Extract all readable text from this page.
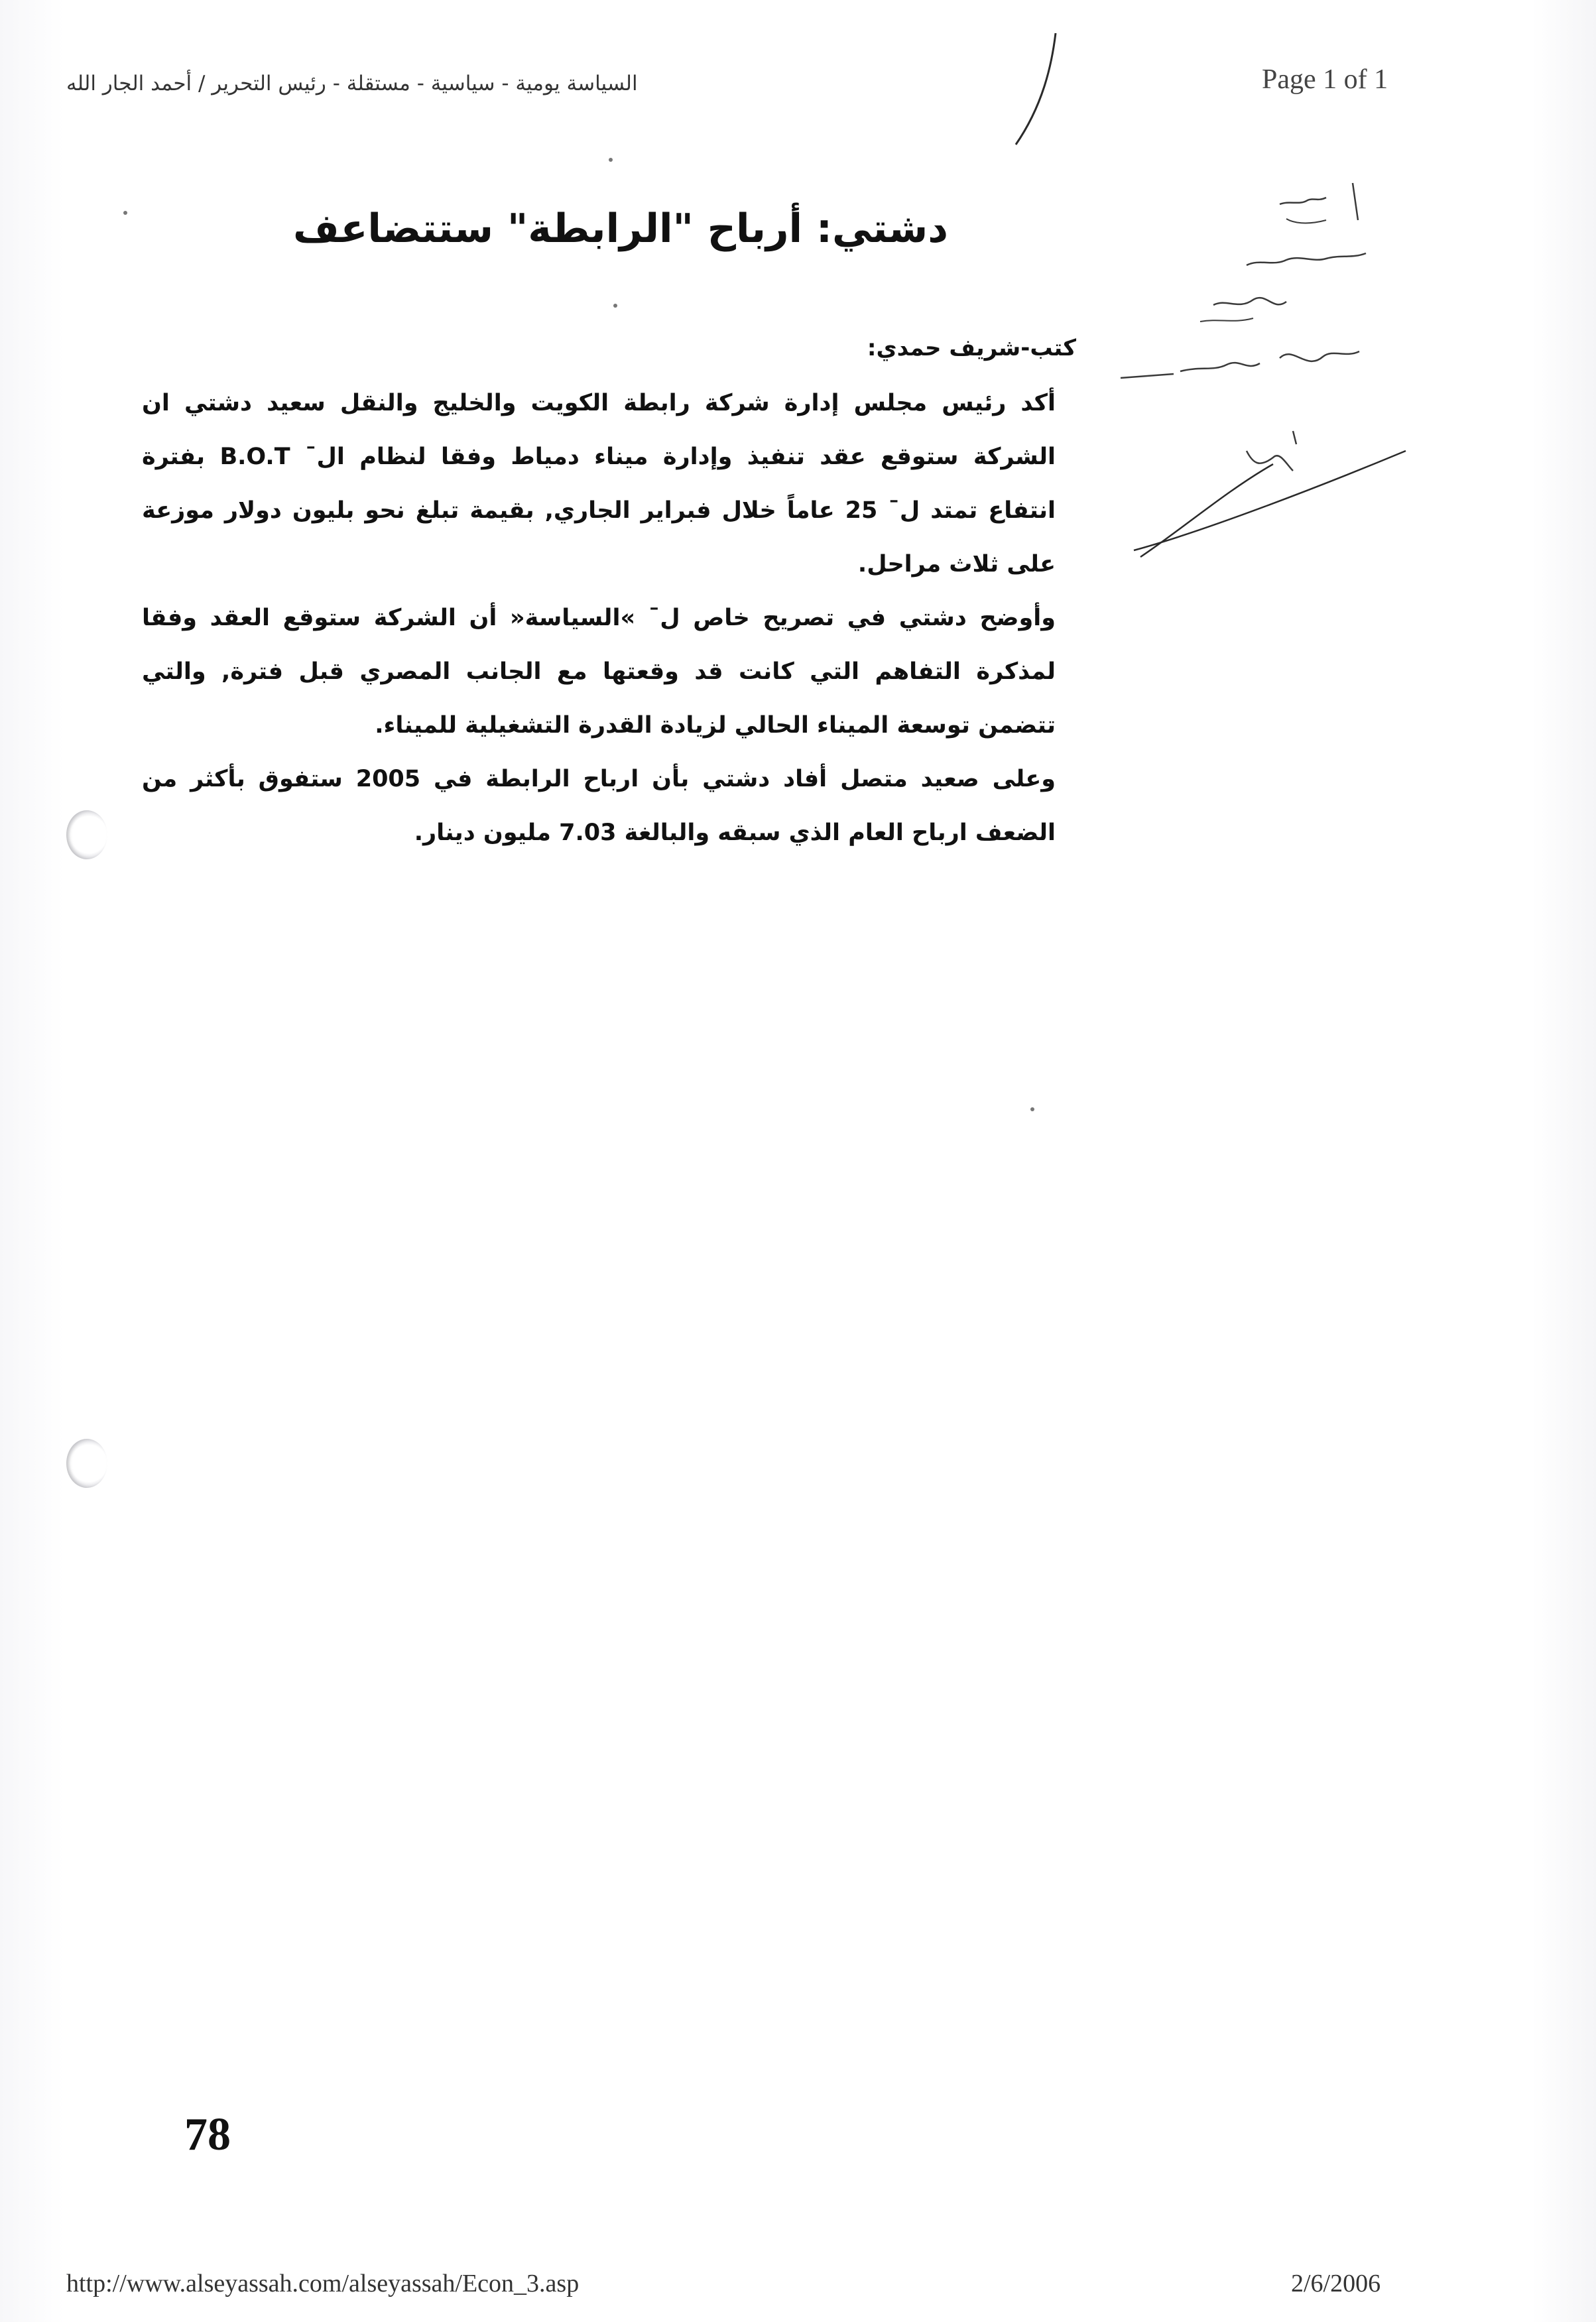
السياسة يومية - سياسية - مستقلة - رئيس التحرير / أحمد الجار الله	Page 1 of 1
دشتي: أرباح "الرابطة" ستتضاعف
كتب-شريف حمدي:

أكد رئيس مجلس إدارة شركة رابطة الكويت والخليج والنقل سعيد دشتي ان الشركة ستوقع عقد تنفيذ وإدارة ميناء دمياط وفقا لنظام ال¯ B.O.T بفترة انتفاع تمتد ل¯ 25 عاماً خلال فبراير الجاري, بقيمة تبلغ نحو بليون دولار موزعة على ثلاث مراحل.

وأوضح دشتي في تصريح خاص ل¯ »السياسة« أن الشركة ستوقع العقد وفقا لمذكرة التفاهم التي كانت قد وقعتها مع الجانب المصري قبل فترة, والتي تتضمن توسعة الميناء الحالي لزيادة القدرة التشغيلية للميناء.

وعلى صعيد متصل أفاد دشتي بأن ارباح الرابطة في 2005 ستفوق بأكثر من الضعف ارباح العام الذي سبقه والبالغة 7.03 مليون دينار.

78
http://www.alseyassah.com/alseyassah/Econ_3.asp	2/6/2006
